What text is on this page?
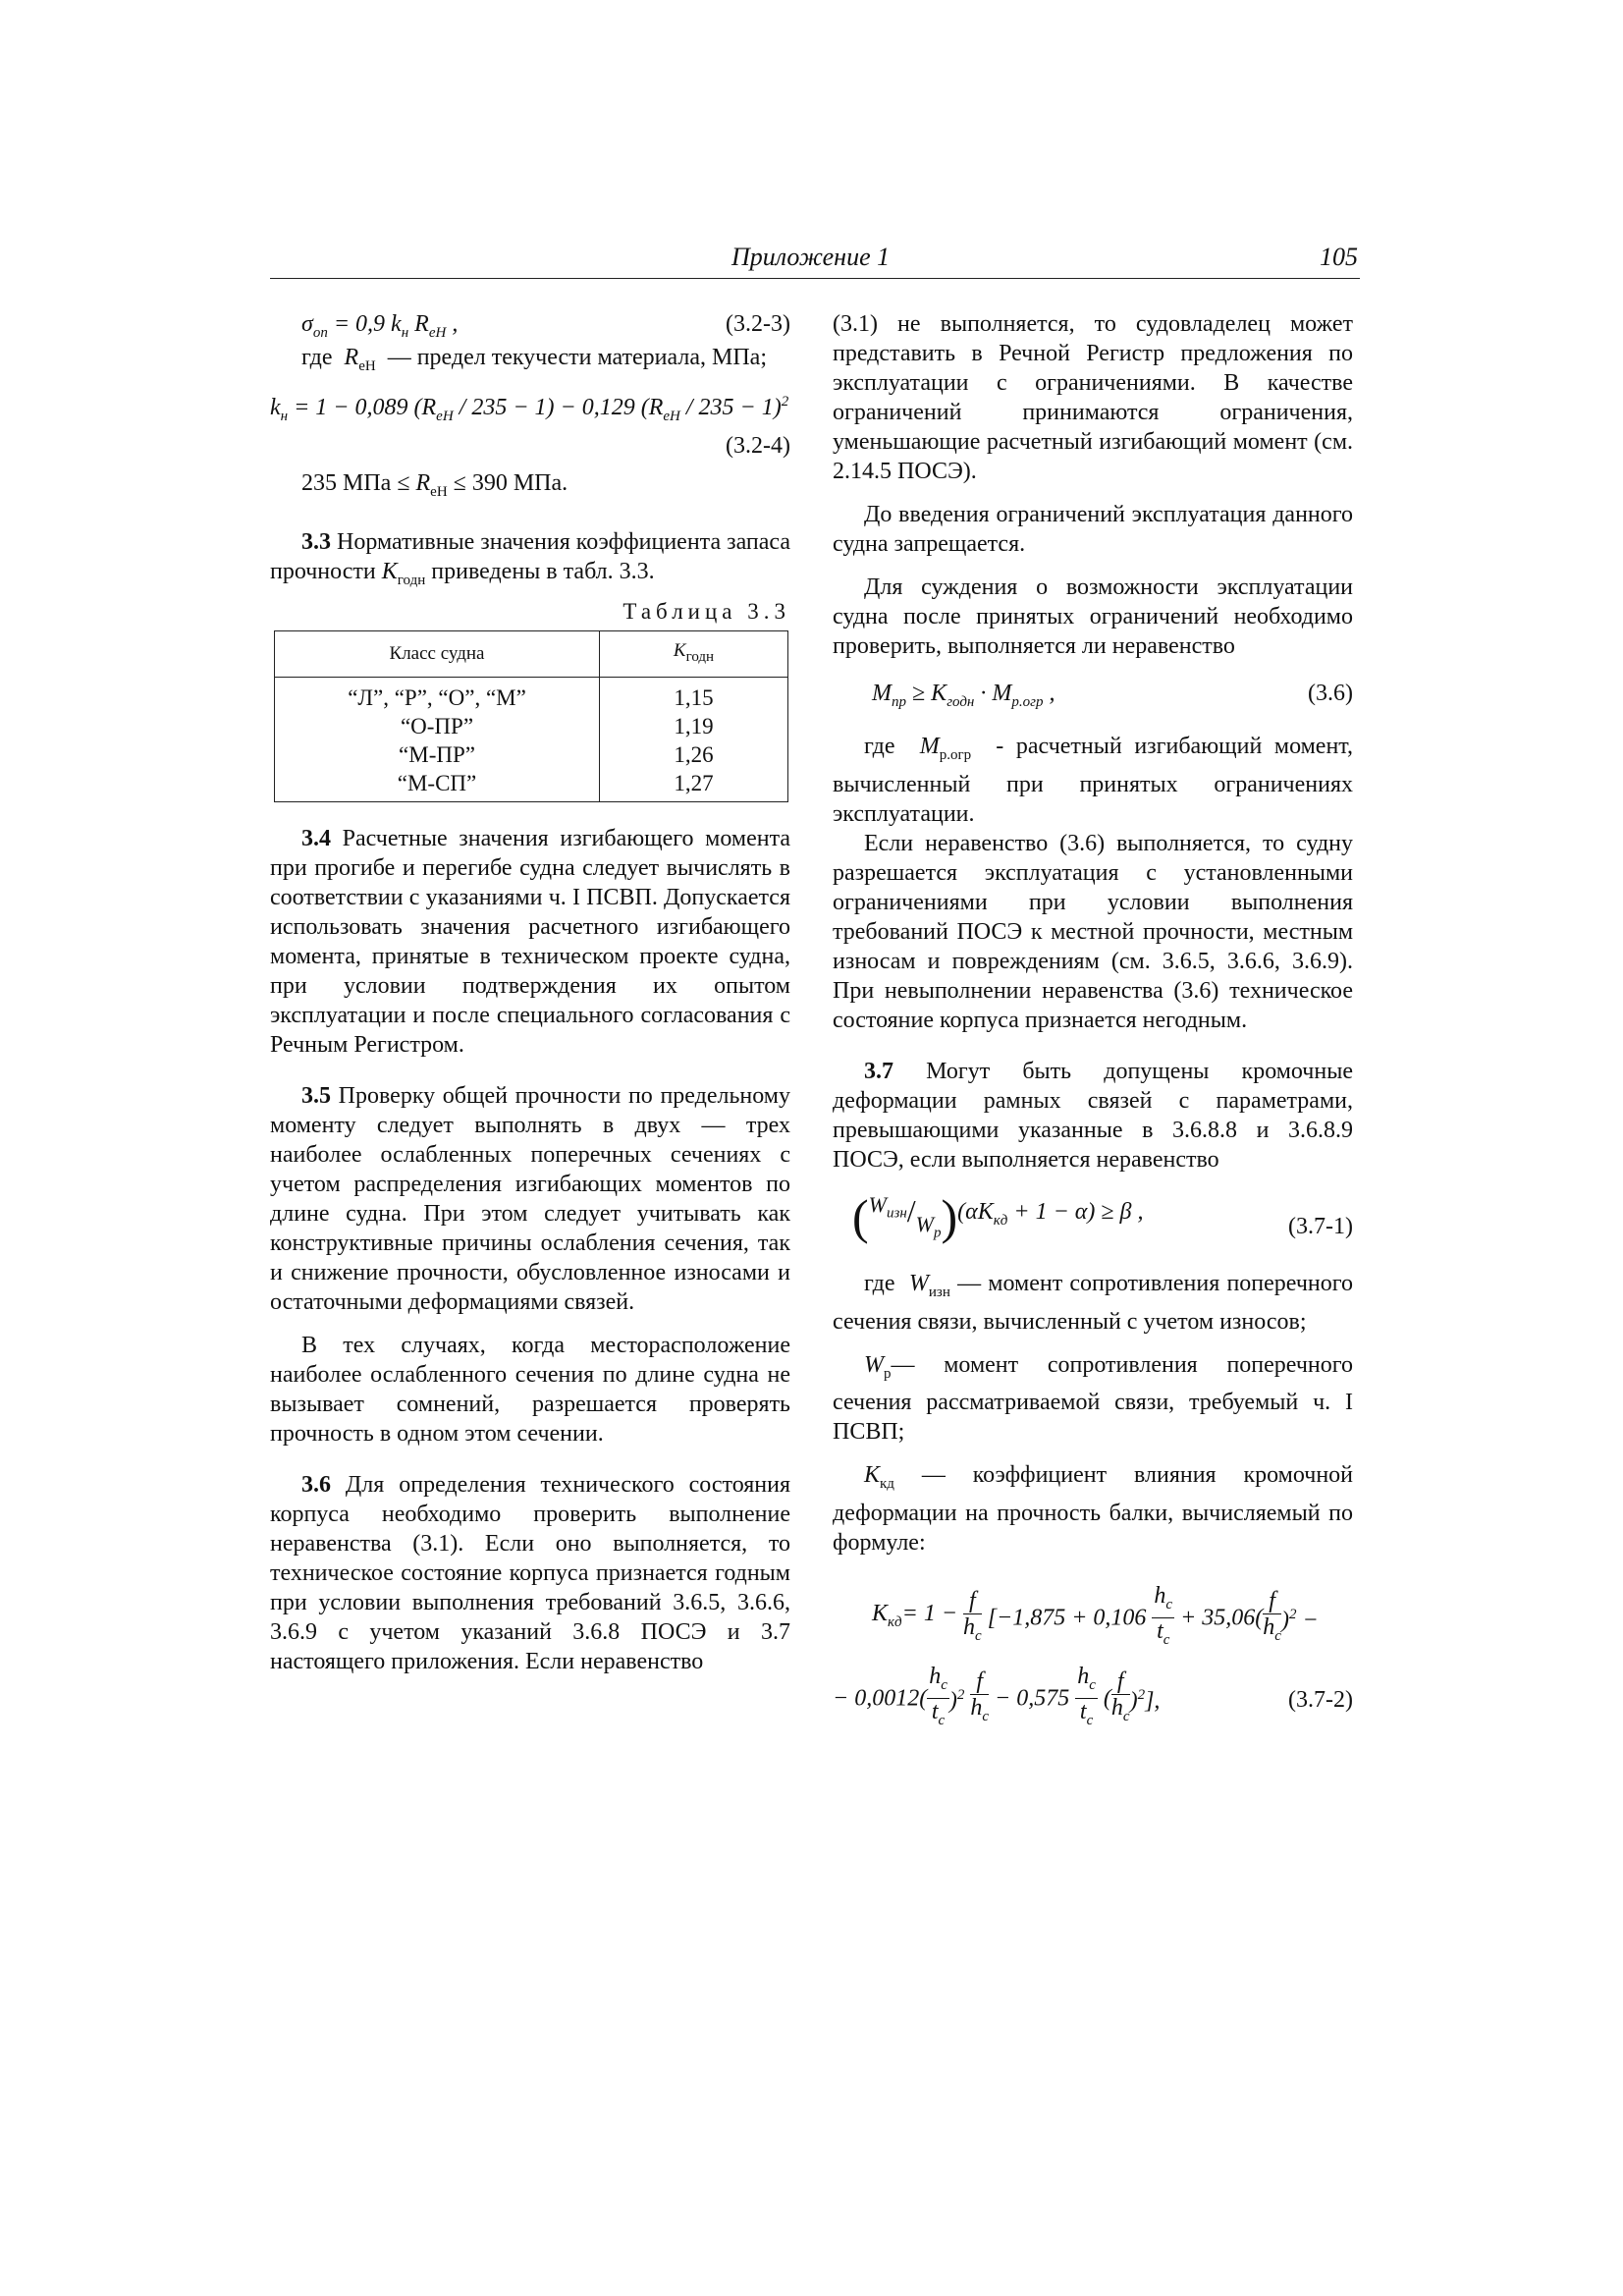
Приложение 1	105
$\sigma_{оп} = 0,9$ $k_н$ $R_{eH}$ ,	(3.2-3)

где  $R_{eH}$  — предел текучести материала, МПа;

$k_н = 1 - 0,089$ $(R_{eH} / 235 - 1) - 0,129$ $(R_{eH} / 235 - 1)^2$
(3.2-4)

235 МПа ≤ $R_{eH} \le 390$ МПа.

3.3 Нормативные значения коэффициента запаса прочности $K_{годн}$ приведены в табл. 3.3.

Таблица 3.3
Класс судна	$K_{годн}$
“Л”, “Р”, “О”, “М”	1,15
“О-ПР”	1,19
“М-ПР”	1,26
“М-СП”	1,27

3.4 Расчетные значения изгибающего момента при прогибе и перегибе судна следует вычислять в соответствии с указаниями ч. I ПСВП. Допускается использовать значения расчетного изгибающего момента, принятые в техническом проекте судна, при условии подтверждения их опытом эксплуатации и после специального согласования с Речным Регистром.

3.5 Проверку общей прочности по предельному моменту следует выполнять в двух — трех наиболее ослабленных поперечных сечениях с учетом распределения изгибающих моментов по длине судна. При этом следует учитывать как конструктивные причины ослабления сечения, так и снижение прочности, обусловленное износами и остаточными деформациями связей.

В тех случаях, когда месторасположение наиболее ослабленного сечения по длине судна не вызывает сомнений, разрешается проверять прочность в одном этом сечении.

3.6 Для определения технического состояния корпуса необходимо проверить выполнение неравенства (3.1). Если оно выполняется, то техническое состояние корпуса признается годным при условии выполнения требований 3.6.5, 3.6.6, 3.6.9 с учетом указаний 3.6.8 ПОСЭ и 3.7 настоящего приложения. Если неравенство

(3.1) не выполняется, то судовладелец может представить в Речной Регистр предложения по эксплуатации с ограничениями. В качестве ограничений принимаются ограничения, уменьшающие расчетный изгибающий момент (см. 2.14.5 ПОСЭ).

До введения ограничений эксплуатация данного судна запрещается.

Для суждения о возможности эксплуатации судна после принятых ограничений необходимо проверить, выполняется ли неравенство

$M_{пр} \ge K_{годн} \cdot M_{р.огр}$ ,	(3.6)

где  $M_{р.огр}$  - расчетный изгибающий момент, вычисленный при принятых ограничениях эксплуатации.

Если неравенство (3.6) выполняется, то судну разрешается эксплуатация с установленными ограничениями при условии выполнения требований ПОСЭ к местной прочности, местным износам и повреждениям (см. 3.6.5, 3.6.6, 3.6.9). При невыполнении неравенства (3.6) техническое состояние корпуса признается негодным.

3.7 Могут быть допущены кромочные деформации рамных связей с параметрами, превышающими указанные в 3.6.8.8 и 3.6.8.9 ПОСЭ, если выполняется неравенство

$(W_{изн}/W_р)(\alpha K_{кд} + 1 - \alpha) \ge \beta$ ,
(3.7-1)

где  $W_{изн}$ — момент сопротивления поперечного сечения связи, вычисленный с учетом износов;

$W_р—$ момент сопротивления поперечного сечения рассматриваемой связи, требуемый ч. I ПСВП;

$K_{кд}$ — коэффициент влияния кромочной деформации на прочность балки, вычисляемый по формуле:

$K_{кд}= 1 - \frac{f}{h_c} [-1,875 + 0,106 \frac{h_c}{t_c} + 35,06( \frac{f}{h_c} )^2$ −
− $0,0012( \frac{h_c}{t_c} )^2 \frac{f}{h_c} - 0,575 \frac{h_c}{t_c}$ ( $\frac{f}{h_c} )^2$],	(3.7-2)
